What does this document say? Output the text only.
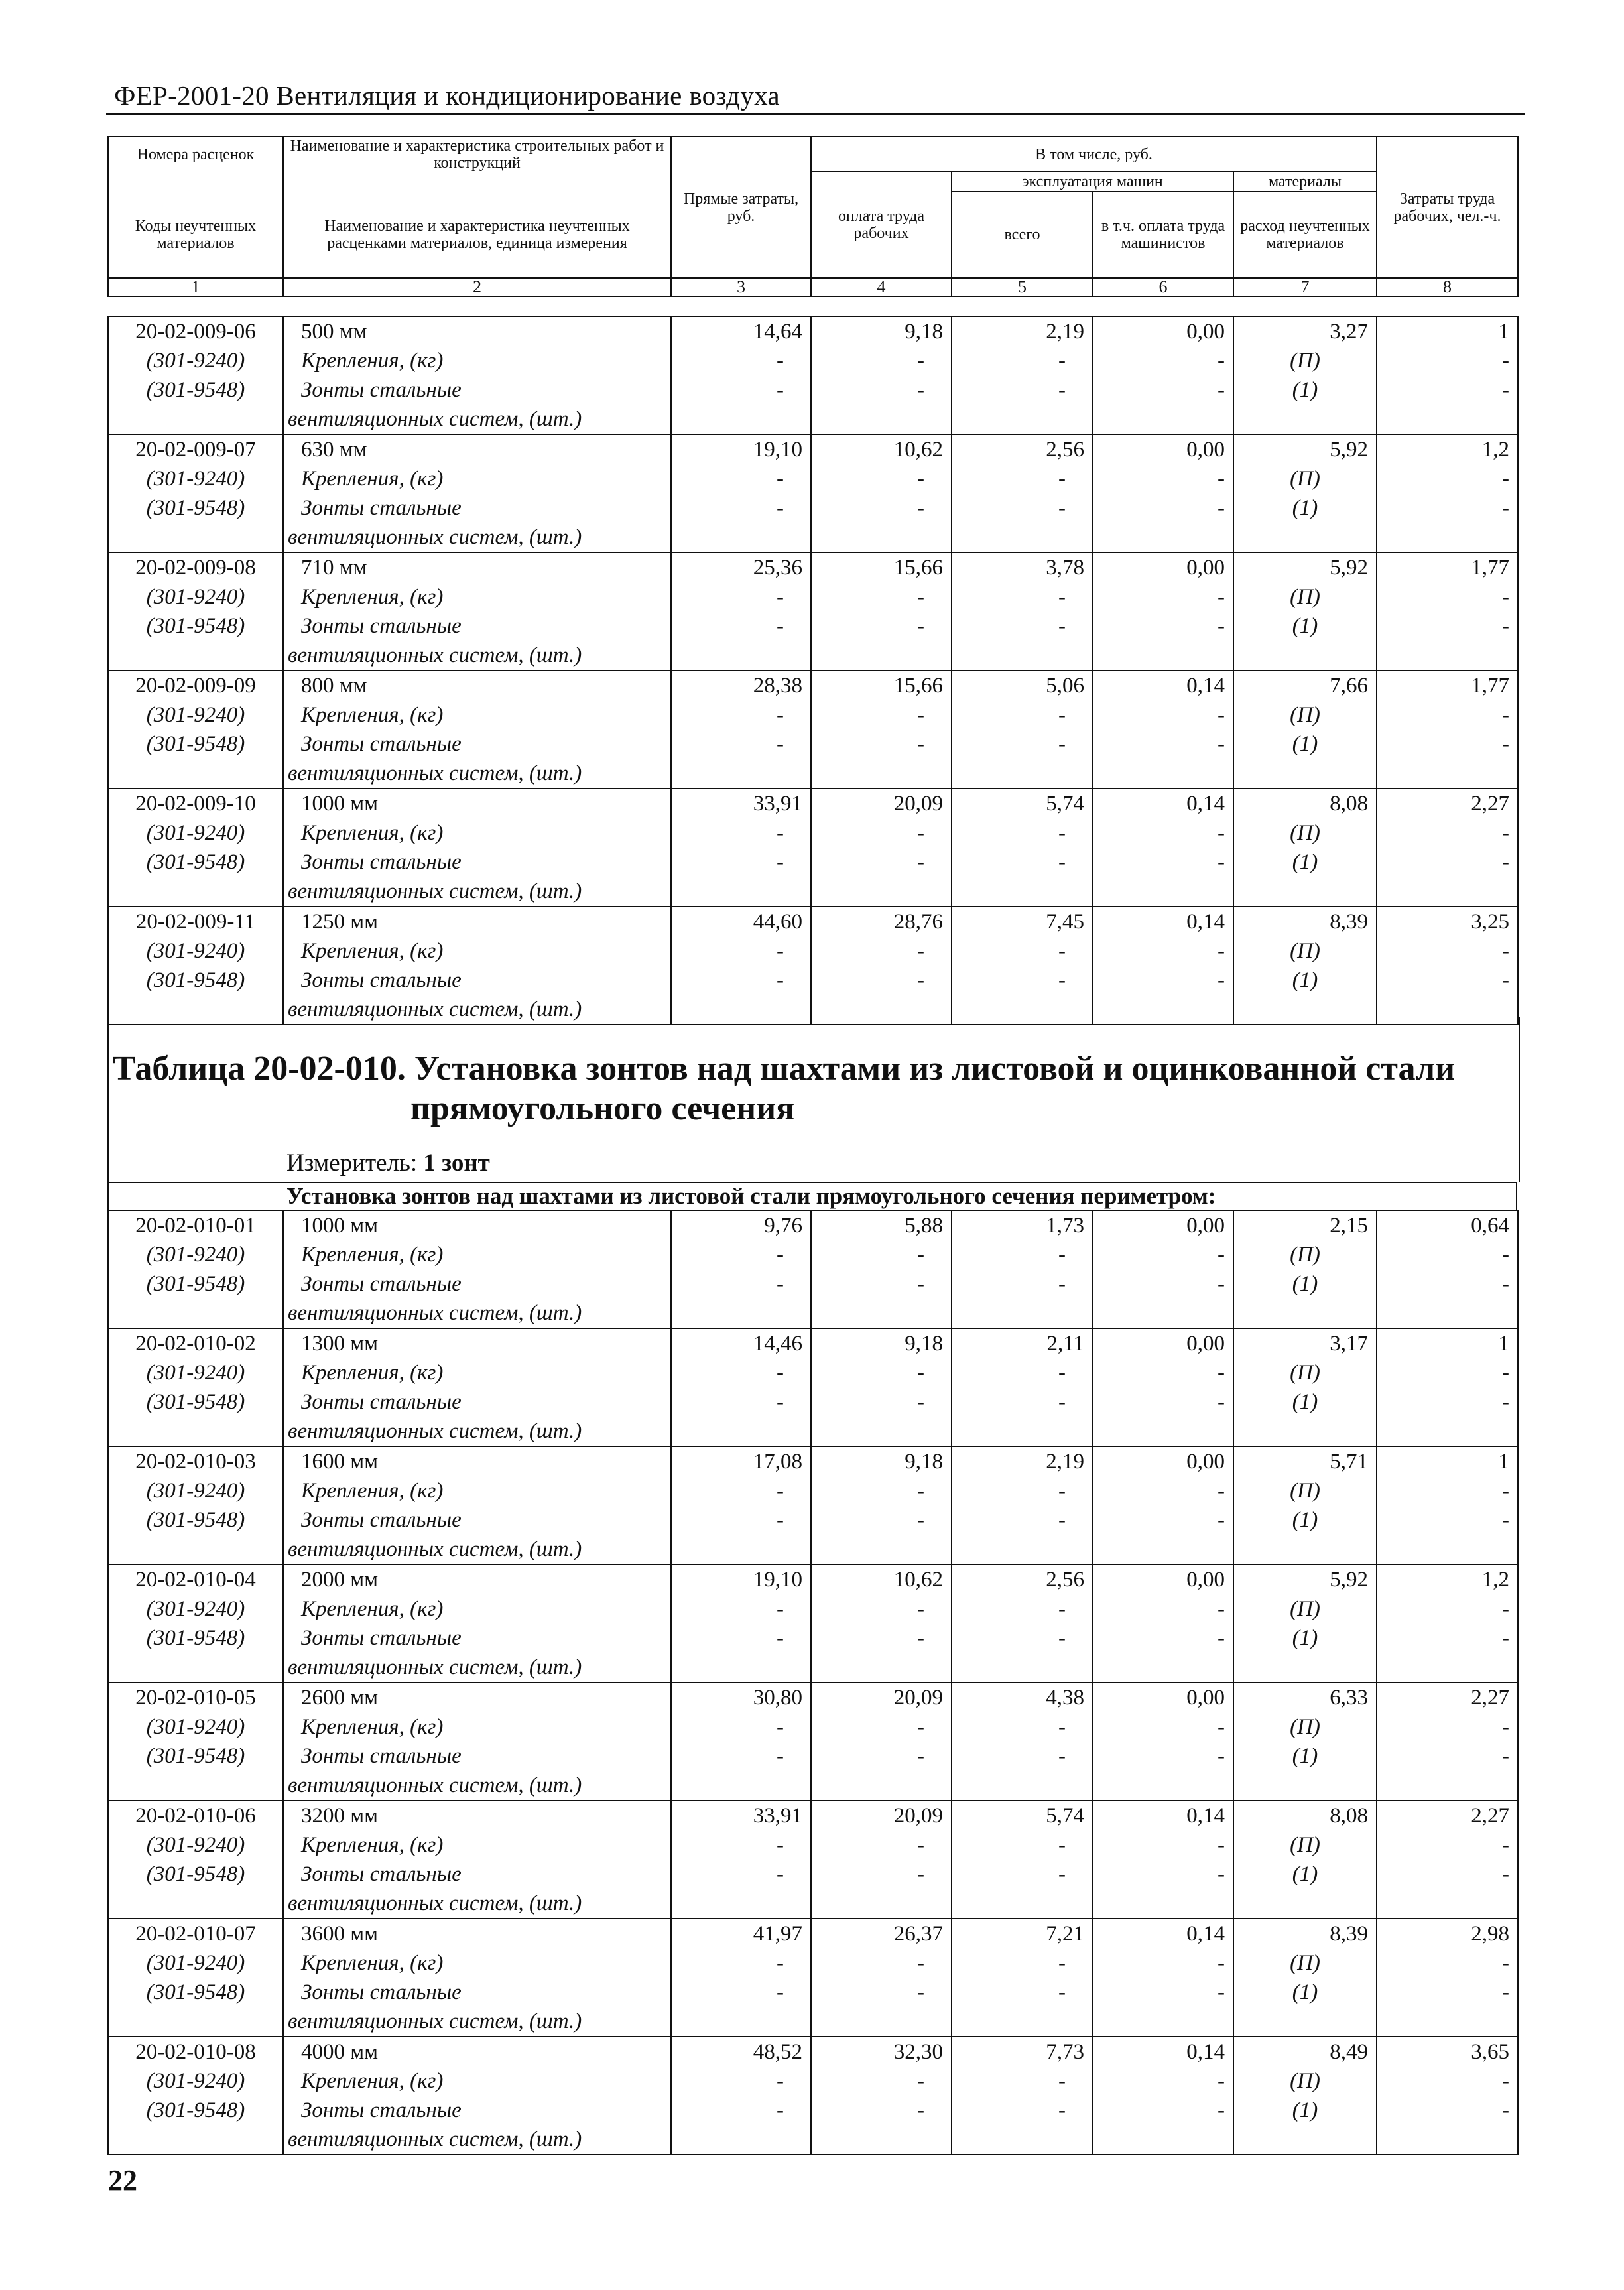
ФЕР-2001-20 Вентиляция и кондиционирование воздуха
Номера расценок	Наименование и характеристика строительных работ и конструкций	Прямые затраты, руб.	В том числе, руб.				Затраты труда рабочих, чел.-ч.
			оплата труда рабочих	эксплуатация машин		материалы	
Коды неучтенных материалов	Наименование и характеристика неучтенных расценками материалов, единица измерения			всего	в т.ч. оплата труда машинистов	расход неучтенных материалов	
1	2	3	4	5	6	7	8
20-02-009-06	500 мм	14,64	9,18	2,19	0,00	3,27	1
(301-9240)	Крепления, (кг)	-	-	-	-	(П)	-
(301-9548)	Зонты стальные	-	-	-	-	(1)	-
	вентиляционных систем, (шт.)						
20-02-009-07	630 мм	19,10	10,62	2,56	0,00	5,92	1,2
(301-9240)	Крепления, (кг)	-	-	-	-	(П)	-
(301-9548)	Зонты стальные	-	-	-	-	(1)	-
	вентиляционных систем, (шт.)						
20-02-009-08	710 мм	25,36	15,66	3,78	0,00	5,92	1,77
(301-9240)	Крепления, (кг)	-	-	-	-	(П)	-
(301-9548)	Зонты стальные	-	-	-	-	(1)	-
	вентиляционных систем, (шт.)						
20-02-009-09	800 мм	28,38	15,66	5,06	0,14	7,66	1,77
(301-9240)	Крепления, (кг)	-	-	-	-	(П)	-
(301-9548)	Зонты стальные	-	-	-	-	(1)	-
	вентиляционных систем, (шт.)						
20-02-009-10	1000 мм	33,91	20,09	5,74	0,14	8,08	2,27
(301-9240)	Крепления, (кг)	-	-	-	-	(П)	-
(301-9548)	Зонты стальные	-	-	-	-	(1)	-
	вентиляционных систем, (шт.)						
20-02-009-11	1250 мм	44,60	28,76	7,45	0,14	8,39	3,25
(301-9240)	Крепления, (кг)	-	-	-	-	(П)	-
(301-9548)	Зонты стальные	-	-	-	-	(1)	-
	вентиляционных систем, (шт.)						
Таблица 20-02-010. Установка зонтов над шахтами из листовой и оцинкованной стали
прямоугольного сечения
Измеритель: 1 зонт
Установка зонтов над шахтами из листовой стали прямоугольного сечения периметром:
20-02-010-01	1000 мм	9,76	5,88	1,73	0,00	2,15	0,64
(301-9240)	Крепления, (кг)	-	-	-	-	(П)	-
(301-9548)	Зонты стальные	-	-	-	-	(1)	-
	вентиляционных систем, (шт.)						
20-02-010-02	1300 мм	14,46	9,18	2,11	0,00	3,17	1
(301-9240)	Крепления, (кг)	-	-	-	-	(П)	-
(301-9548)	Зонты стальные	-	-	-	-	(1)	-
	вентиляционных систем, (шт.)						
20-02-010-03	1600 мм	17,08	9,18	2,19	0,00	5,71	1
(301-9240)	Крепления, (кг)	-	-	-	-	(П)	-
(301-9548)	Зонты стальные	-	-	-	-	(1)	-
	вентиляционных систем, (шт.)						
20-02-010-04	2000 мм	19,10	10,62	2,56	0,00	5,92	1,2
(301-9240)	Крепления, (кг)	-	-	-	-	(П)	-
(301-9548)	Зонты стальные	-	-	-	-	(1)	-
	вентиляционных систем, (шт.)						
20-02-010-05	2600 мм	30,80	20,09	4,38	0,00	6,33	2,27
(301-9240)	Крепления, (кг)	-	-	-	-	(П)	-
(301-9548)	Зонты стальные	-	-	-	-	(1)	-
	вентиляционных систем, (шт.)						
20-02-010-06	3200 мм	33,91	20,09	5,74	0,14	8,08	2,27
(301-9240)	Крепления, (кг)	-	-	-	-	(П)	-
(301-9548)	Зонты стальные	-	-	-	-	(1)	-
	вентиляционных систем, (шт.)						
20-02-010-07	3600 мм	41,97	26,37	7,21	0,14	8,39	2,98
(301-9240)	Крепления, (кг)	-	-	-	-	(П)	-
(301-9548)	Зонты стальные	-	-	-	-	(1)	-
	вентиляционных систем, (шт.)						
20-02-010-08	4000 мм	48,52	32,30	7,73	0,14	8,49	3,65
(301-9240)	Крепления, (кг)	-	-	-	-	(П)	-
(301-9548)	Зонты стальные	-	-	-	-	(1)	-
	вентиляционных систем, (шт.)						
22
